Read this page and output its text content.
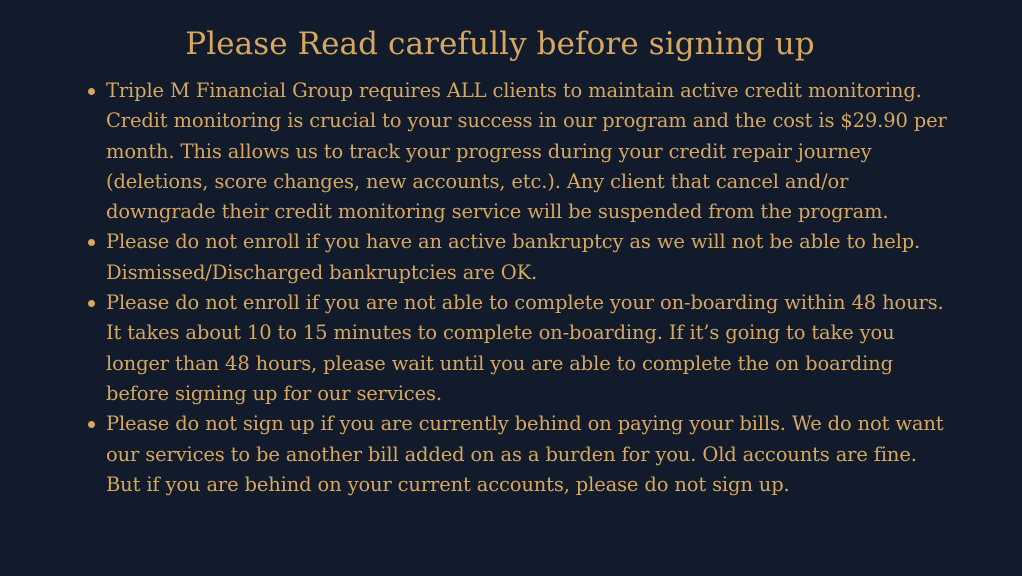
Please Read carefully before signing up
Triple M Financial Group requires ALL clients to maintain active credit monitoring. Credit monitoring is crucial to your success in our program and the cost is $29.90 per month. This allows us to track your progress during your credit repair journey (deletions, score changes, new accounts, etc.). Any client that cancel and/or downgrade their credit monitoring service will be suspended from the program.
Please do not enroll if you have an active bankruptcy as we will not be able to help. Dismissed/Discharged bankruptcies are OK.
Please do not enroll if you are not able to complete your on-boarding within 48 hours. It takes about 10 to 15 minutes to complete on-boarding. If it’s going to take you longer than 48 hours, please wait until you are able to complete the on boarding before signing up for our services.
Please do not sign up if you are currently behind on paying your bills. We do not want our services to be another bill added on as a burden for you. Old accounts are fine. But if you are behind on your current accounts, please do not sign up.
